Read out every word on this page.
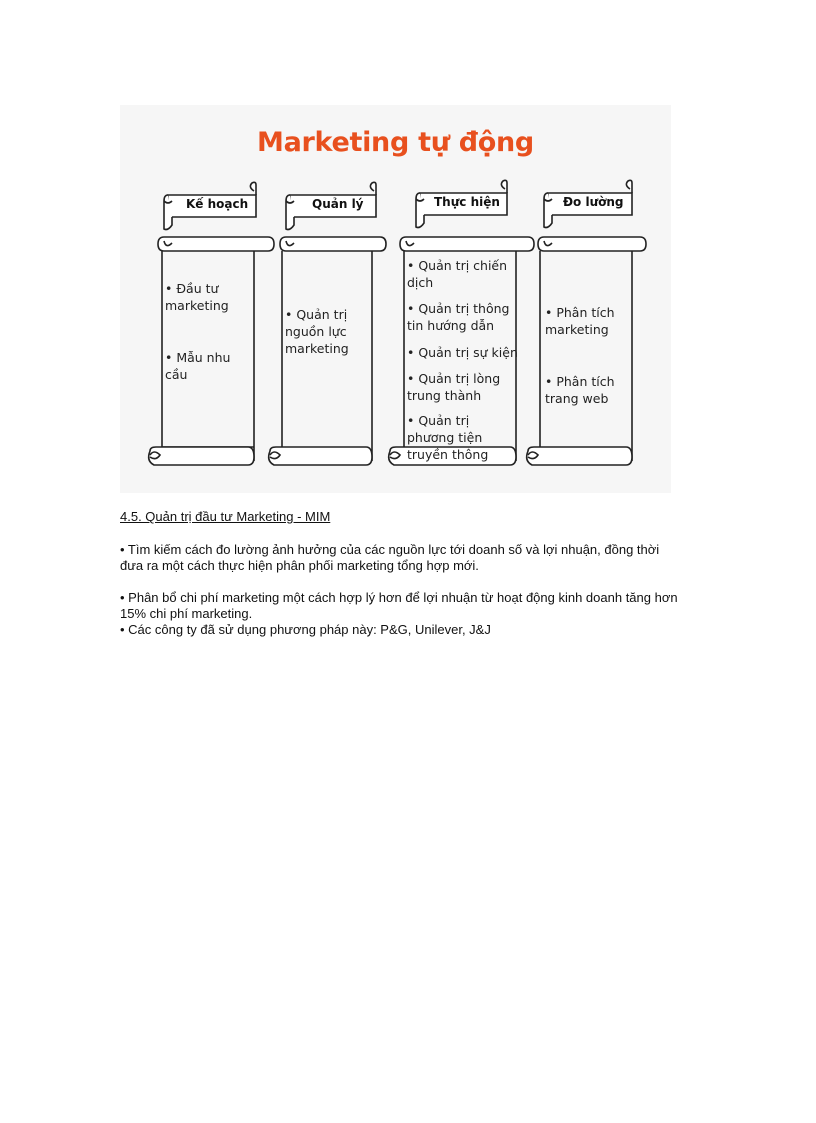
Marketing tự động
Kế hoạch	Quản lý	Thực hiện	Đo lường
• Đầu tư
marketing
• Mẫu nhu
cầu
• Quản trị
nguồn lực
marketing
• Quản trị chiến
dịch
• Quản trị thông
tin hướng dẫn
• Quản trị sự kiện
• Quản trị lòng
trung thành
• Quản trị
phương tiện
truyền thông
• Phân tích
marketing
• Phân tích
trang web
4.5. Quản trị đầu tư Marketing - MIM
• Tìm kiếm cách đo lường ảnh hưởng của các nguồn lực tới doanh số và lợi nhuận, đồng thời
đưa ra một cách thực hiện phân phối marketing tổng hợp mới.
• Phân bổ chi phí marketing một cách hợp lý hơn để lợi nhuận từ hoạt động kinh doanh tăng hơn
15% chi phí marketing.
• Các công ty đã sử dụng phương pháp này: P&G, Unilever, J&J
